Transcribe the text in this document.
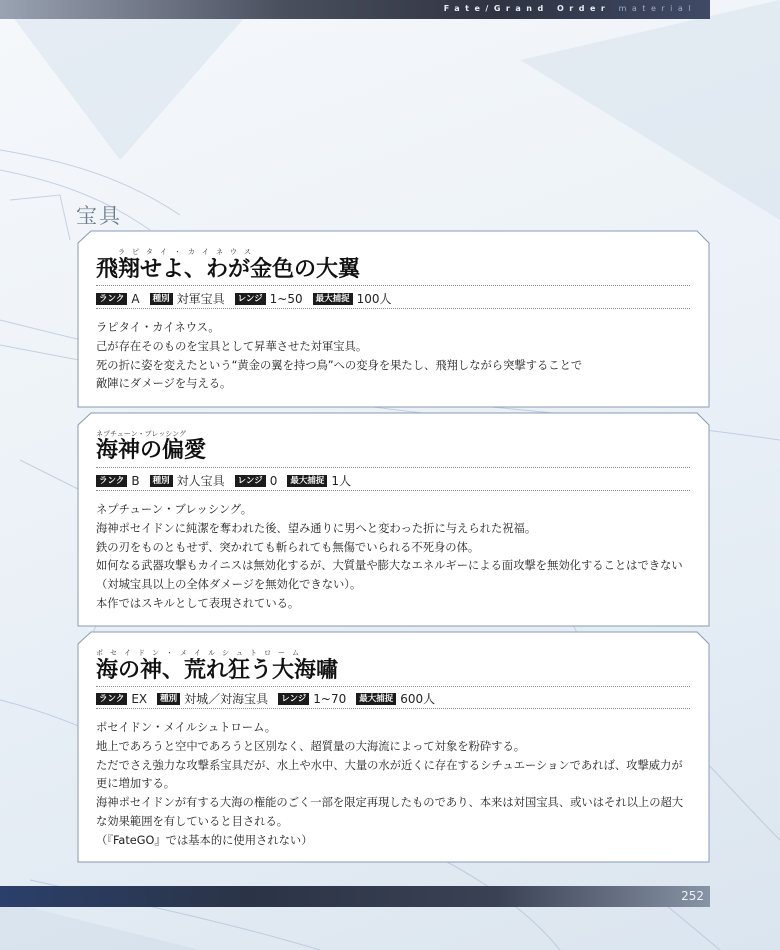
Fate/Grand Order material
宝具
ラ　ピ　タ　イ　・　カ　イ　ネ　ウ　ス
飛翔せよ、わが金色の大翼
ランク A	種別 対軍宝具	レンジ 1~50	最大捕捉 100人
ラピタイ・カイネウス。
己が存在そのものを宝具として昇華させた対軍宝具。
死の折に姿を変えたという“黄金の翼を持つ鳥”への変身を果たし、飛翔しながら突撃することで
敵陣にダメージを与える。
ネプチューン・ブレッシング
海神の偏愛
ランク B	種別 対人宝具	レンジ 0	最大捕捉 1人
ネプチューン・ブレッシング。
海神ポセイドンに純潔を奪われた後、望み通りに男へと変わった折に与えられた祝福。
鉄の刃をものともせず、突かれても斬られても無傷でいられる不死身の体。
如何なる武器攻撃もカイニスは無効化するが、大質量や膨大なエネルギーによる面攻撃を無効化することはできない（対城宝具以上の全体ダメージを無効化できない）。
本作ではスキルとして表現されている。
ポ　セ　イ　ド　ン　・　メ　イ　ル　シ　ュ　ト　ロ　ー　ム
海の神、荒れ狂う大海嘯
ランク EX	種別 対城／対海宝具	レンジ 1~70	最大捕捉 600人
ポセイドン・メイルシュトローム。
地上であろうと空中であろうと区別なく、超質量の大海流によって対象を粉砕する。
ただでさえ強力な攻撃系宝具だが、水上や水中、大量の水が近くに存在するシチュエーションであれば、攻撃威力が更に増加する。
海神ポセイドンが有する大海の権能のごく一部を限定再現したものであり、本来は対国宝具、或いはそれ以上の超大な効果範囲を有していると目される。
（『FateGO』では基本的に使用されない）
252
